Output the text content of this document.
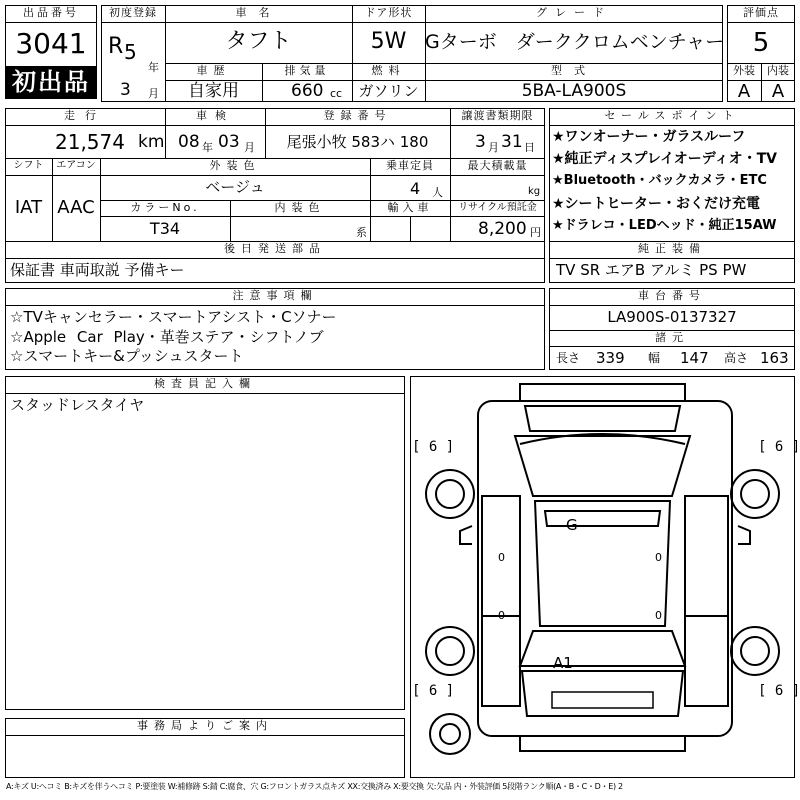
出品番号
3041
初出品
初度登録
R 5
年
3 月
車名
タフト
ドア形状
5W
グレード
Gターボ　ダーククロムベンチャー
車歴
自家用
排気量
660 cc
燃料
ガソリン
型式
5BA-LA900S
評価点
5
外装	内装
A	A
走行
21,574 km
車検
08 年 03 月
登録番号
尾張小牧 583ハ 180
譲渡書類期限
3 月 31 日
シフト	エアコン
IAT AAC
外装色
ベージュ
乗車定員
4 人
最大積載量
kg
カラーNo.
T34
内装色
系
輸入車	リサイクル預託金
8,200 円
後日発送部品
保証書 車両取説 予備キー
セールスポイント
★ワンオーナー・ガラスルーフ
★純正ディスプレイオーディオ・TV
★Bluetooth・バックカメラ・ETC
★シートヒーター・おくだけ充電
★ドラレコ・LEDヘッド・純正15AW
純正装備
TV SR エアB アルミ PS PW
注意事項欄
☆TVキャンセラー・スマートアシスト・Cソナー
☆Apple Car Play・革巻ステア・シフトノブ
☆スマートキー&プッシュスタート
車台番号
LA900S-0137327
諸元
長さ 339 幅 147 高さ 163
検査員記入欄
スタッドレスタイヤ
事務局よりご案内
[ 6 ]	[ 6 ]
[ 6 ]	[ 6 ]
G
A1
0
0
0
0
A:キズ U:ヘコミ B:キズを伴うヘコミ P:要塗装 W:補修跡 S:錆 C:腐食、穴 G:フロントガラス点キズ XX:交換済み X:要交換 欠:欠品 内・外装評価 5段階ランク順(A・B・C・D・E) 2
